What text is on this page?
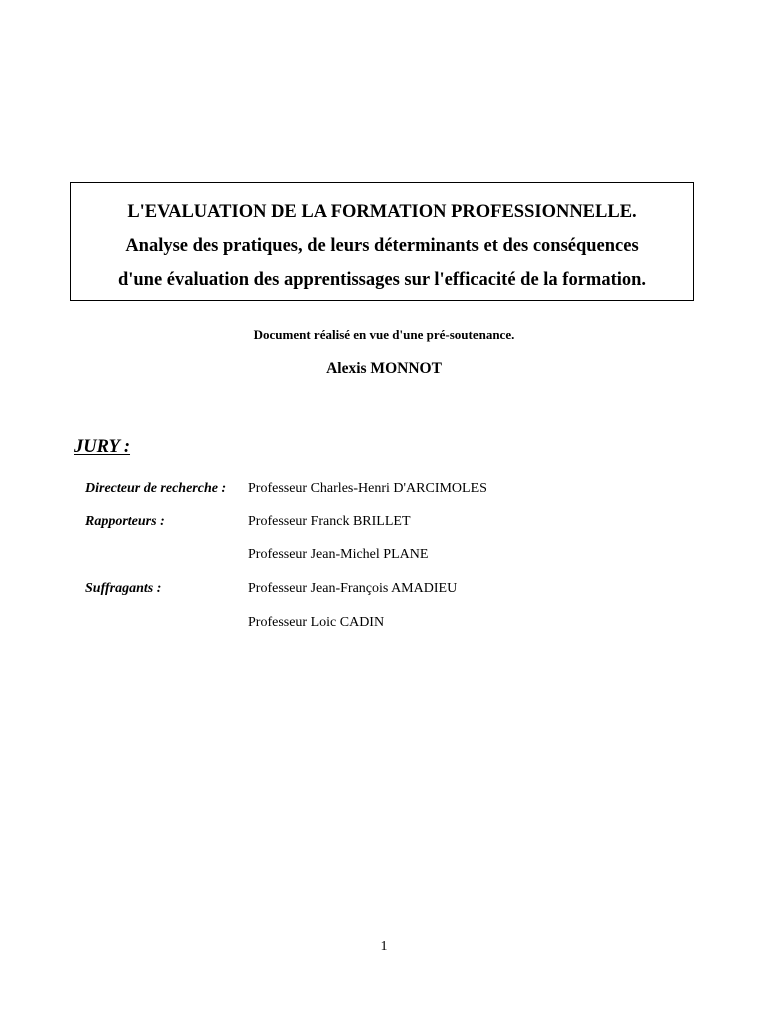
L'EVALUATION DE LA FORMATION PROFESSIONNELLE.
Analyse des pratiques, de leurs déterminants et des conséquences
d'une évaluation des apprentissages sur l'efficacité de la formation.
Document réalisé en vue d'une pré-soutenance.
Alexis MONNOT
JURY :
Directeur de recherche : Professeur Charles-Henri D'ARCIMOLES
Rapporteurs :	Professeur Franck BRILLET
Professeur Jean-Michel PLANE
Suffragants :	Professeur Jean-François AMADIEU
Professeur Loic CADIN
1
